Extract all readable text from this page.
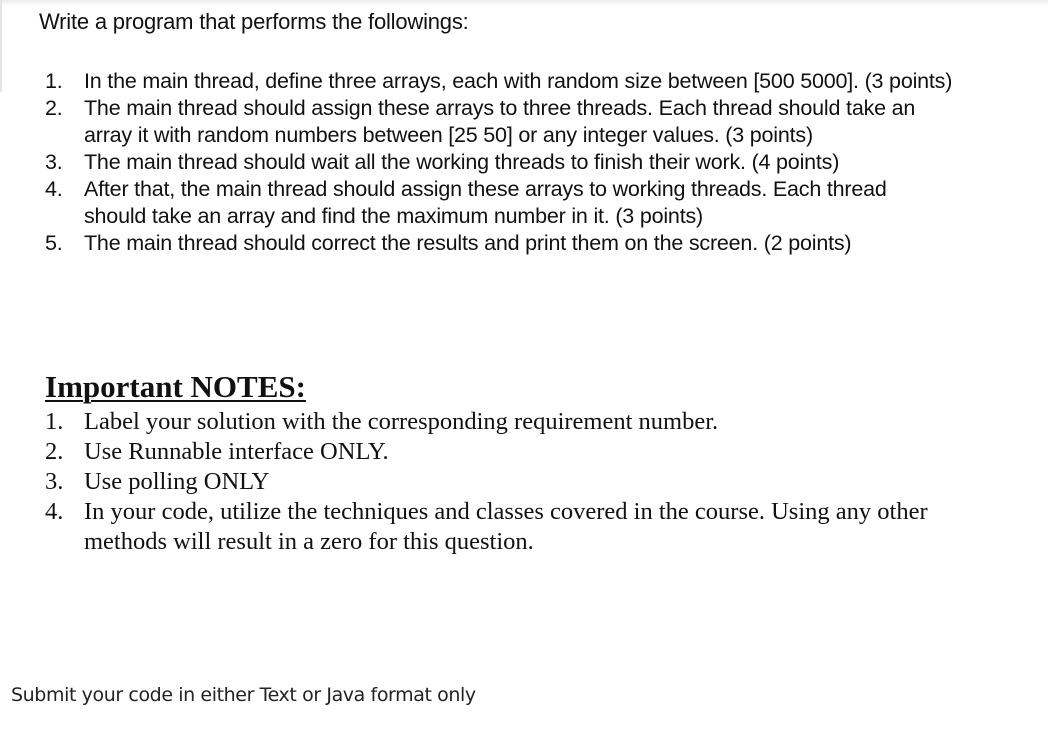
Write a program that performs the followings:

1. In the main thread, define three arrays, each with random size between [500 5000]. (3 points)
2. The main thread should assign these arrays to three threads. Each thread should take an array it with random numbers between [25 50] or any integer values. (3 points)
3. The main thread should wait all the working threads to finish their work. (4 points)
4. After that, the main thread should assign these arrays to working threads. Each thread should take an array and find the maximum number in it. (3 points)
5. The main thread should correct the results and print them on the screen. (2 points)
Important NOTES:
1. Label your solution with the corresponding requirement number.
2. Use Runnable interface ONLY.
3. Use polling ONLY
4. In your code, utilize the techniques and classes covered in the course. Using any other methods will result in a zero for this question.
Submit your code in either Text or Java format only
